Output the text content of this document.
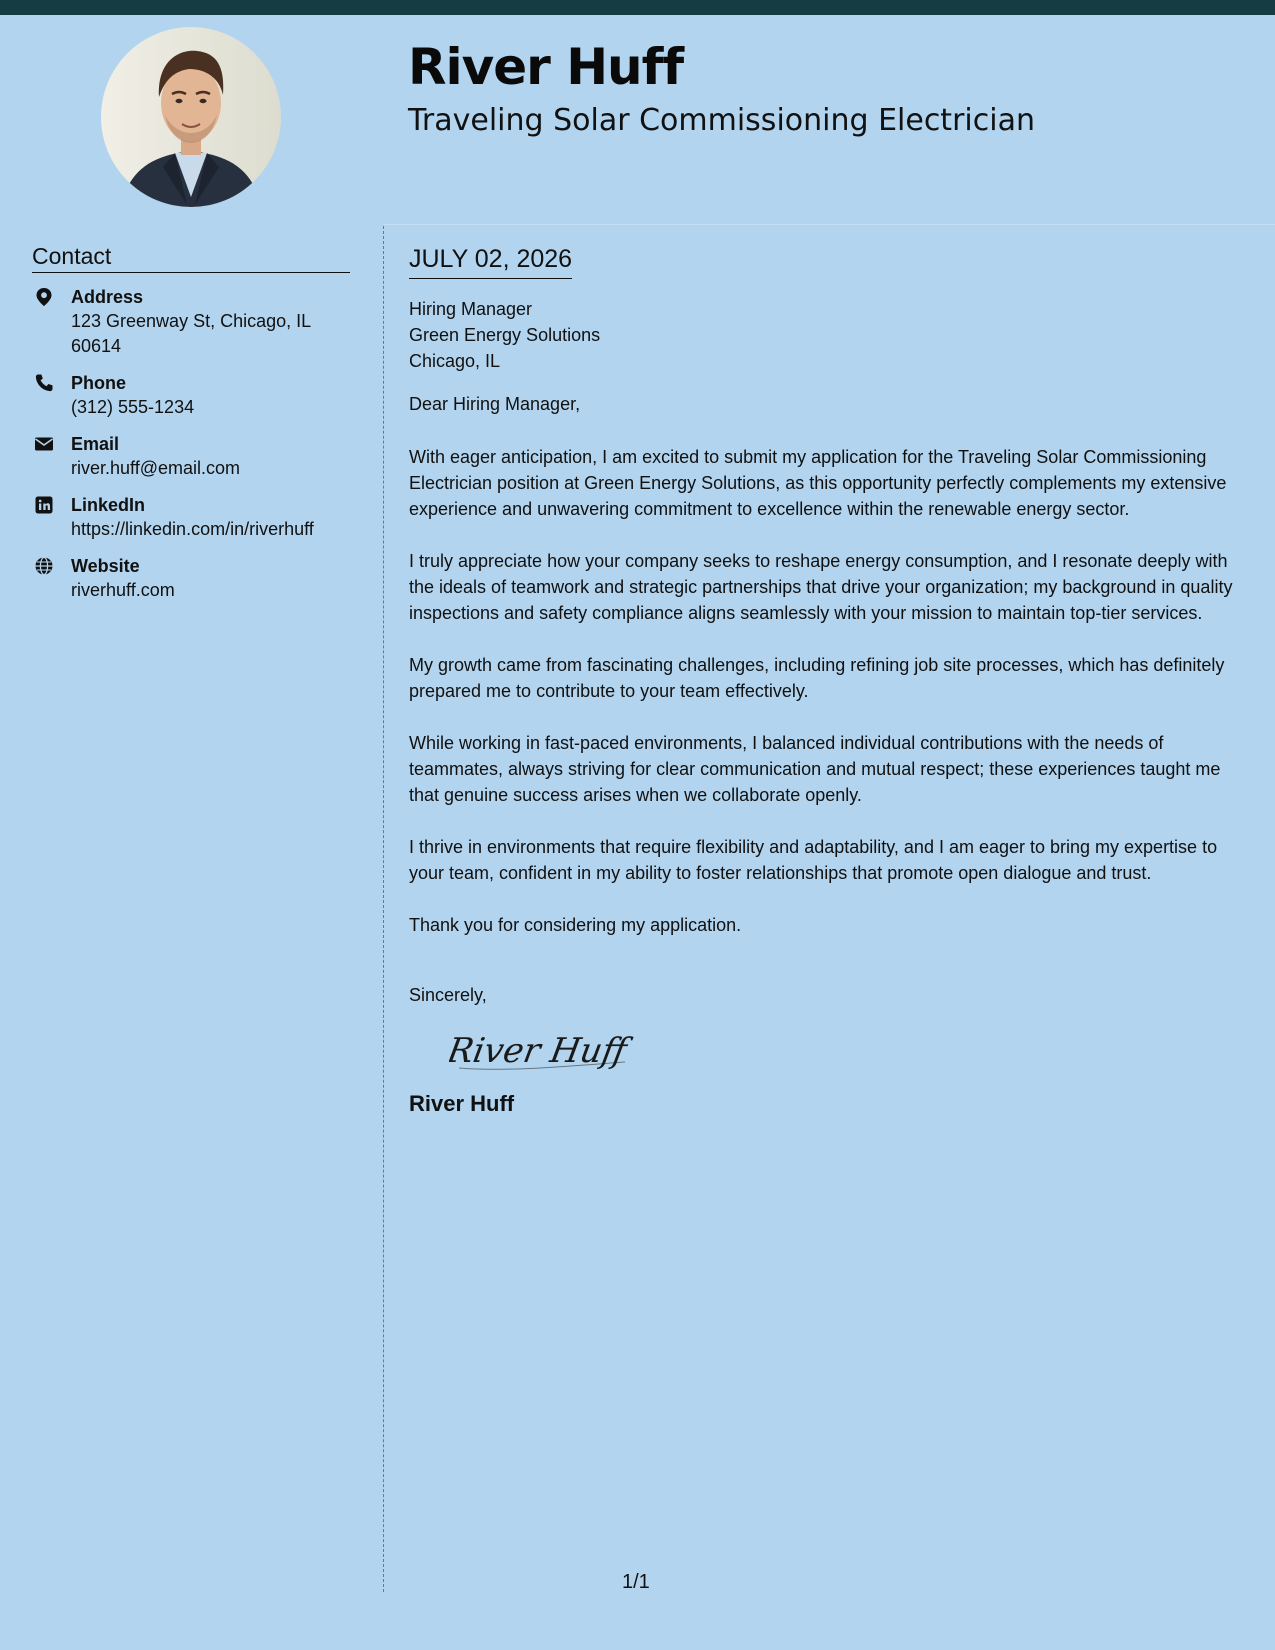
River Huff
Traveling Solar Commissioning Electrician
Contact
Address
123 Greenway St, Chicago, IL 60614
Phone
(312) 555-1234
Email
river.huff@email.com
LinkedIn
https://linkedin.com/in/riverhuff
Website
riverhuff.com
JULY 02, 2026
Hiring Manager
Green Energy Solutions
Chicago, IL
Dear Hiring Manager,

With eager anticipation, I am excited to submit my application for the Traveling Solar Commissioning Electrician position at Green Energy Solutions, as this opportunity perfectly complements my extensive experience and unwavering commitment to excellence within the renewable energy sector.

I truly appreciate how your company seeks to reshape energy consumption, and I resonate deeply with the ideals of teamwork and strategic partnerships that drive your organization; my background in quality inspections and safety compliance aligns seamlessly with your mission to maintain top-tier services.

My growth came from fascinating challenges, including refining job site processes, which has definitely prepared me to contribute to your team effectively.

While working in fast-paced environments, I balanced individual contributions with the needs of teammates, always striving for clear communication and mutual respect; these experiences taught me that genuine success arises when we collaborate openly.

I thrive in environments that require flexibility and adaptability, and I am eager to bring my expertise to your team, confident in my ability to foster relationships that promote open dialogue and trust.

Thank you for considering my application.

Sincerely,
River Huff
River Huff
1/1
